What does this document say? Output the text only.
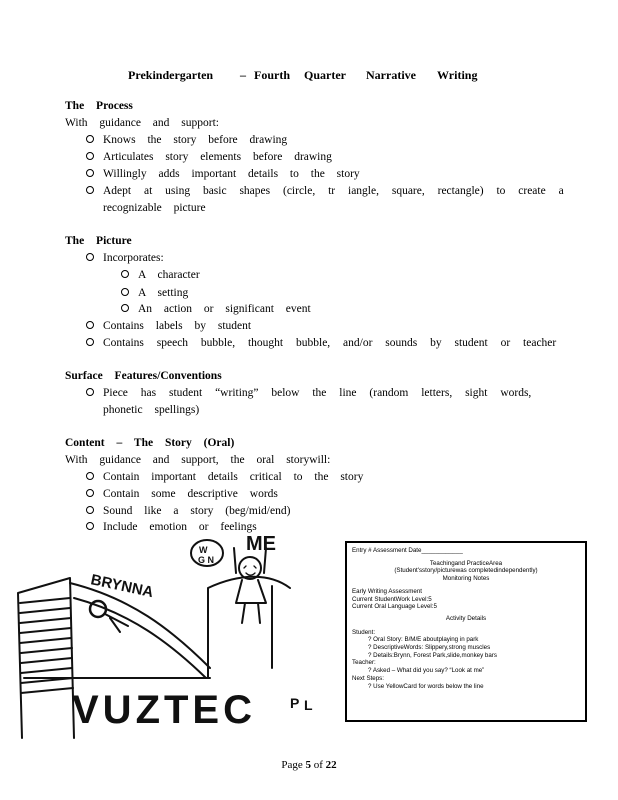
Prekindergarten – Fourth Quarter Narrative Writing
The Process
With guidance and support:
Knows the story before drawing
Articulates story elements before drawing
Willingly adds important details to the story
Adept at using basic shapes (circle, tr iangle, square, rectangle) to create a
recognizable picture
The Picture
Incorporates:
A character
A setting
An action or significant event
Contains labels by student
Contains speech bubble, thought bubble, and/or sounds by student or teacher
Surface Features/Conventions
Piece has student “writing” below the line (random letters, sight words,
phonetic spellings)
Content – The Story (Oral)
With guidance and support, the oral storywill:
Contain important details critical to the story
Contain some descriptive words
Sound like a story (beg/mid/end)
Include emotion or feelings
BRYNNA
ME
W
G N
VUZTEC P L
Entry # Assessment Date____________
Teachingand PracticeArea
(Student'sstory/picturewas completedindependently)
Monitoring Notes
Early Writing Assessment
Current StudentWork Level:5
Current Oral Language Level:5
Activity Details
Student:
? Oral Story: B/M/E aboutplaying in park
? DescriptiveWords: Slippery,strong muscles
? Details:Brynn, Forest Park,slide,monkey bars
Teacher:
? Asked – What did you say? “Look at me”
Next Steps:
? Use YellowCard for words below the line
Page 5 of 22
